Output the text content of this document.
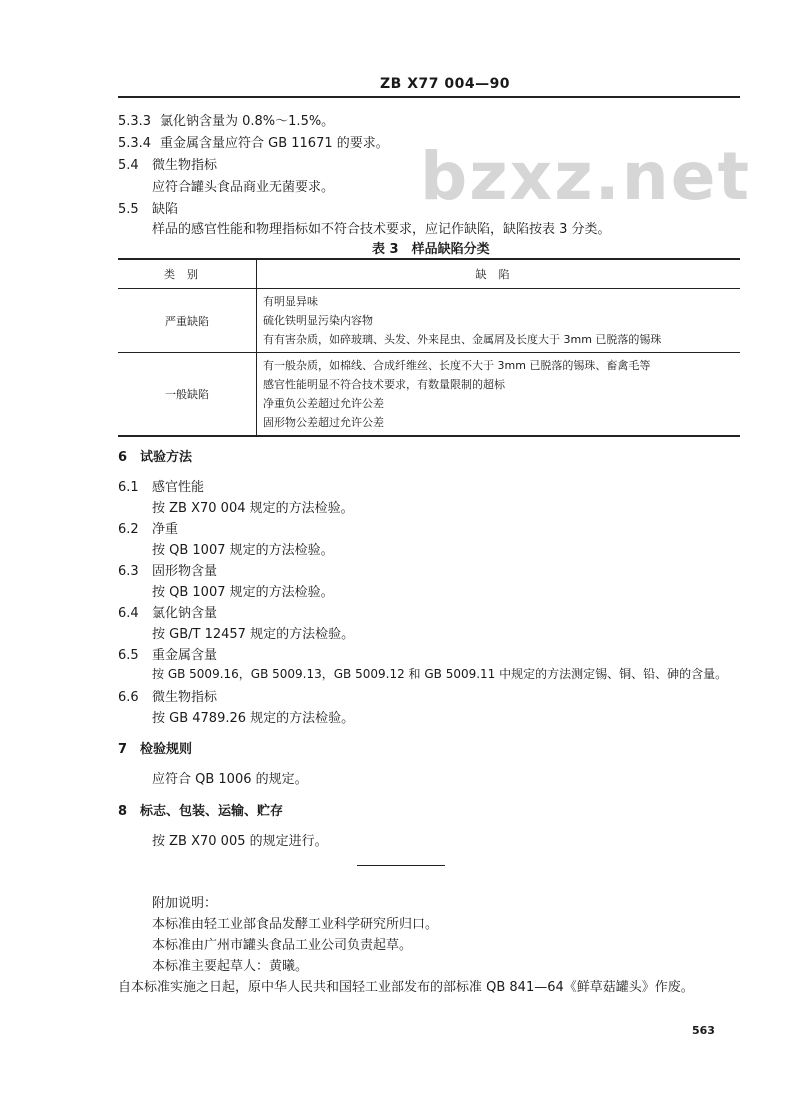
ZB X77 004—90
bzxz.net
5.3.3 氯化钠含量为 0.8%～1.5%。
5.3.4 重金属含量应符合 GB 11671 的要求。
5.4 微生物指标
应符合罐头食品商业无菌要求。
5.5 缺陷
样品的感官性能和物理指标如不符合技术要求，应记作缺陷，缺陷按表 3 分类。
表 3　样品缺陷分类
类别	缺陷
严重缺陷	有明显异味
硫化铁明显污染内容物
有有害杂质，如碎玻璃、头发、外来昆虫、金属屑及长度大于 3mm 已脱落的锡珠

一般缺陷	有一般杂质，如棉线、合成纤维丝、长度不大于 3mm 已脱落的锡珠、畜禽毛等
感官性能明显不符合技术要求，有数量限制的超标
净重负公差超过允许公差
固形物公差超过允许公差
6 试验方法
6.1 感官性能
按 ZB X70 004 规定的方法检验。
6.2 净重
按 QB 1007 规定的方法检验。
6.3 固形物含量
按 QB 1007 规定的方法检验。
6.4 氯化钠含量
按 GB/T 12457 规定的方法检验。
6.5 重金属含量
按 GB 5009.16，GB 5009.13，GB 5009.12 和 GB 5009.11 中规定的方法测定锡、铜、铅、砷的含量。
6.6 微生物指标
按 GB 4789.26 规定的方法检验。
7 检验规则
应符合 QB 1006 的规定。
8 标志、包装、运输、贮存
按 ZB X70 005 的规定进行。
附加说明：
本标准由轻工业部食品发酵工业科学研究所归口。
本标准由广州市罐头食品工业公司负责起草。
本标准主要起草人：黄曦。
自本标准实施之日起，原中华人民共和国轻工业部发布的部标准 QB 841—64《鲜草菇罐头》作废。
563
